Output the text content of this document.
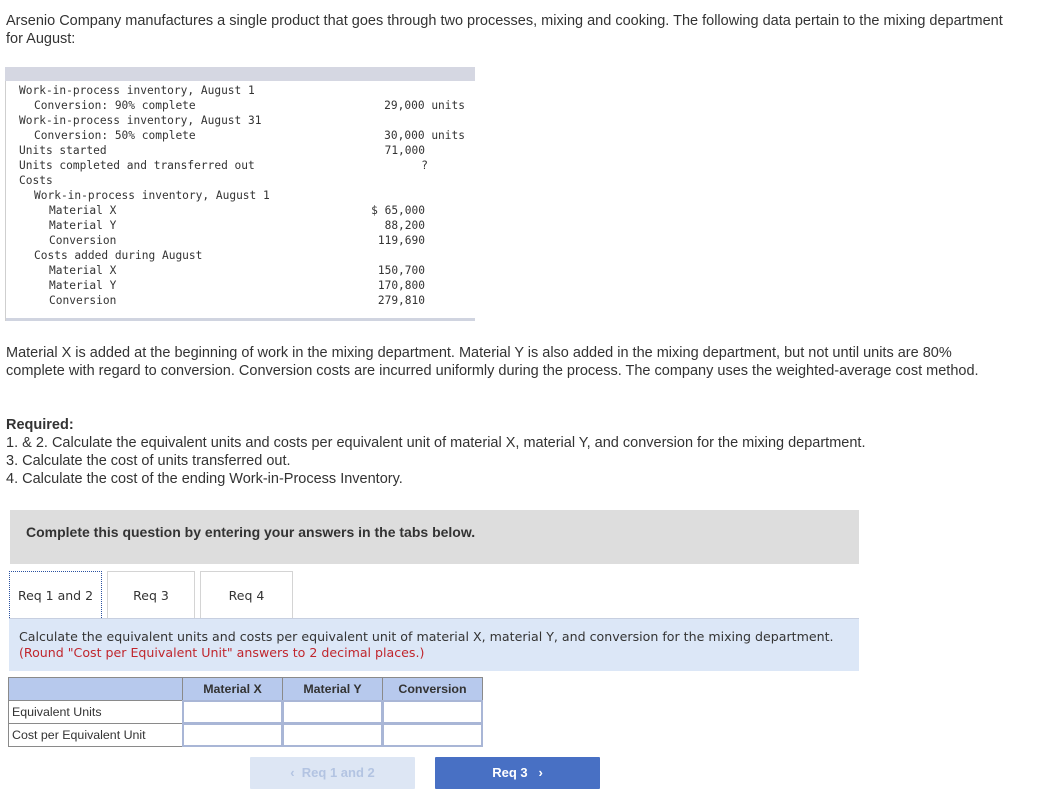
Arsenio Company manufactures a single product that goes through two processes, mixing and cooking. The following data pertain to the mixing department for August:
Work-in-process inventory, August 1
Conversion: 90% complete	29,000 units
Work-in-process inventory, August 31
Conversion: 50% complete	30,000 units
Units started	71,000
Units completed and transferred out	?
Costs
Work-in-process inventory, August 1
Material X	$ 65,000
Material Y	88,200
Conversion	119,690
Costs added during August
Material X	150,700
Material Y	170,800
Conversion	279,810
Material X is added at the beginning of work in the mixing department. Material Y is also added in the mixing department, but not until units are 80% complete with regard to conversion. Conversion costs are incurred uniformly during the process. The company uses the weighted-average cost method.
Required:
1. & 2. Calculate the equivalent units and costs per equivalent unit of material X, material Y, and conversion for the mixing department.
3. Calculate the cost of units transferred out.
4. Calculate the cost of the ending Work-in-Process Inventory.
Complete this question by entering your answers in the tabs below.
Req 1 and 2	Req 3	Req 4
Calculate the equivalent units and costs per equivalent unit of material X, material Y, and conversion for the mixing department. (Round "Cost per Equivalent Unit" answers to 2 decimal places.)
Material X	Material Y	Conversion
Equivalent Units
Cost per Equivalent Unit
‹ Req 1 and 2	Req 3 ›
